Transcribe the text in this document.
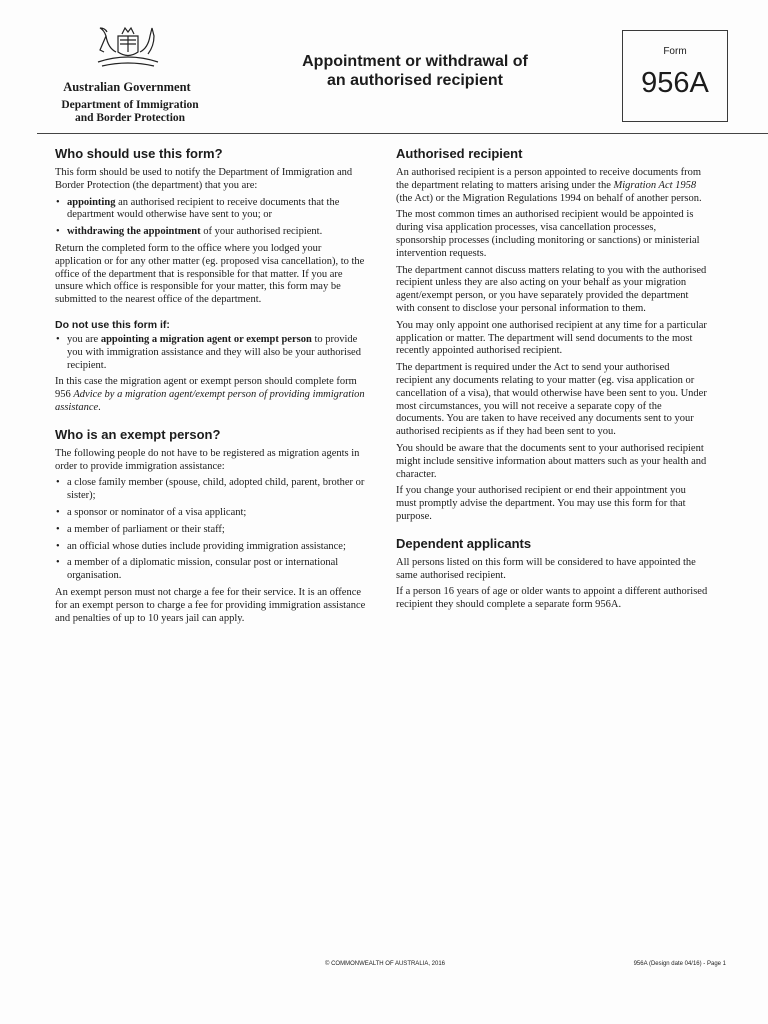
Australian Government
Department of Immigration
and Border Protection
Appointment or withdrawal of
an authorised recipient
Form
956A
Who should use this form?

This form should be used to notify the Department of Immigration and Border Protection (the department) that you are:

• appointing an authorised recipient to receive documents that the department would otherwise have sent to you; or
• withdrawing the appointment of your authorised recipient.

Return the completed form to the office where you lodged your application or for any other matter (eg. proposed visa cancellation), to the office of the department that is responsible for that matter. If you are unsure which office is responsible for your matter, this form may be submitted to the nearest office of the department.

Do not use this form if:
• you are appointing a migration agent or exempt person to provide you with immigration assistance and they will also be your authorised recipient.

In this case the migration agent or exempt person should complete form 956 Advice by a migration agent/exempt person of providing immigration assistance.

Who is an exempt person?

The following people do not have to be registered as migration agents in order to provide immigration assistance:

• a close family member (spouse, child, adopted child, parent, brother or sister);
• a sponsor or nominator of a visa applicant;
• a member of parliament or their staff;
• an official whose duties include providing immigration assistance;
• a member of a diplomatic mission, consular post or international organisation.

An exempt person must not charge a fee for their service. It is an offence for an exempt person to charge a fee for providing immigration assistance and penalties of up to 10 years jail can apply.

Authorised recipient

An authorised recipient is a person appointed to receive documents from the department relating to matters arising under the Migration Act 1958 (the Act) or the Migration Regulations 1994 on behalf of another person.

The most common times an authorised recipient would be appointed is during visa application processes, visa cancellation processes, sponsorship processes (including monitoring or sanctions) or ministerial intervention requests.

The department cannot discuss matters relating to you with the authorised recipient unless they are also acting on your behalf as your migration agent/exempt person, or you have separately provided the department with consent to disclose your personal information to them.

You may only appoint one authorised recipient at any time for a particular application or matter. The department will send documents to the most recently appointed authorised recipient.

The department is required under the Act to send your authorised recipient any documents relating to your matter (eg. visa application or cancellation of a visa), that would otherwise have been sent to you. Under most circumstances, you will not receive a separate copy of the documents. You are taken to have received any documents sent to your authorised recipients as if they had been sent to you.

You should be aware that the documents sent to your authorised recipient might include sensitive information about matters such as your health and character.

If you change your authorised recipient or end their appointment you must promptly advise the department. You may use this form for that purpose.

Dependent applicants

All persons listed on this form will be considered to have appointed the same authorised recipient.

If a person 16 years of age or older wants to appoint a different authorised recipient they should complete a separate form 956A.

© COMMONWEALTH OF AUSTRALIA, 2016	956A (Design date 04/16) - Page 1
